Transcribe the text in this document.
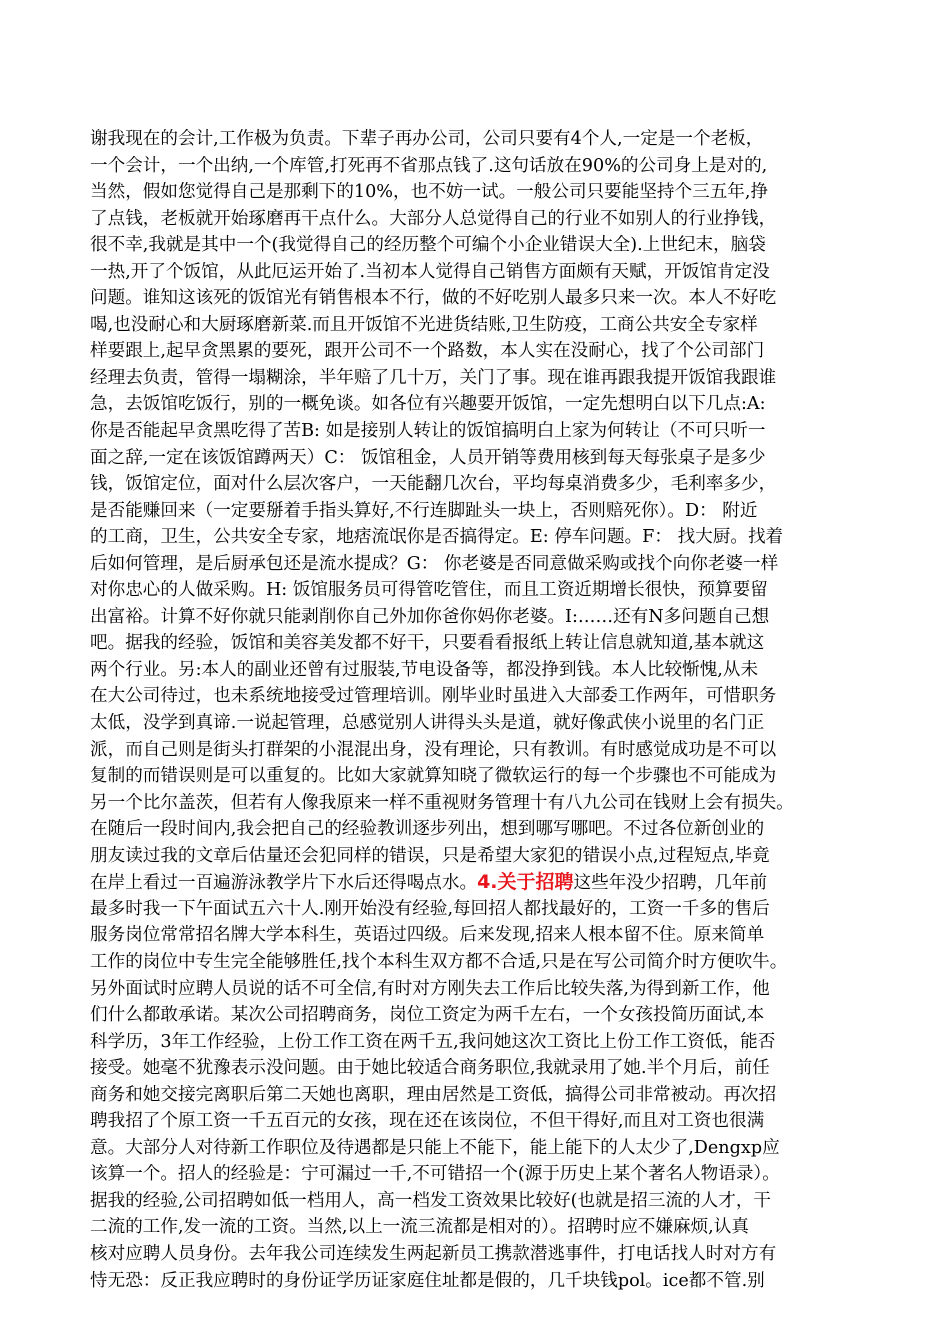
谢我现在的会计,工作极为负责。下辈子再办公司，公司只要有4个人,一定是一个老板，
一个会计，一个出纳,一个库管,打死再不省那点钱了.这句话放在90%的公司身上是对的,
当然，假如您觉得自己是那剩下的10%，也不妨一试。一般公司只要能坚持个三五年,挣
了点钱，老板就开始琢磨再干点什么。大部分人总觉得自己的行业不如别人的行业挣钱，
很不幸,我就是其中一个(我觉得自己的经历整个可编个小企业错误大全).上世纪末，脑袋
一热,开了个饭馆，从此厄运开始了.当初本人觉得自己销售方面颇有天赋，开饭馆肯定没
问题。谁知这该死的饭馆光有销售根本不行，做的不好吃别人最多只来一次。本人不好吃
喝,也没耐心和大厨琢磨新菜.而且开饭馆不光进货结账,卫生防疫，工商公共安全专家样
样要跟上,起早贪黑累的要死，跟开公司不一个路数，本人实在没耐心，找了个公司部门
经理去负责，管得一塌糊涂，半年赔了几十万，关门了事。现在谁再跟我提开饭馆我跟谁
急，去饭馆吃饭行，别的一概免谈。如各位有兴趣要开饭馆，一定先想明白以下几点:A:
你是否能起早贪黑吃得了苦B: 如是接别人转让的饭馆搞明白上家为何转让（不可只听一
面之辞,一定在该饭馆蹲两天）C： 饭馆租金，人员开销等费用核到每天每张桌子是多少
钱，饭馆定位，面对什么层次客户，一天能翻几次台，平均每桌消费多少，毛利率多少，
是否能赚回来（一定要掰着手指头算好,不行连脚趾头一块上，否则赔死你）。D： 附近
的工商，卫生，公共安全专家，地痞流氓你是否搞得定。E: 停车问题。F： 找大厨。找着
后如何管理，是后厨承包还是流水提成？G： 你老婆是否同意做采购或找个向你老婆一样
对你忠心的人做采购。H: 饭馆服务员可得管吃管住，而且工资近期增长很快，预算要留
出富裕。计算不好你就只能剥削你自己外加你爸你妈你老婆。I:……还有N多问题自己想
吧。据我的经验，饭馆和美容美发都不好干，只要看看报纸上转让信息就知道,基本就这
两个行业。另:本人的副业还曾有过服装,节电设备等，都没挣到钱。本人比较惭愧,从未
在大公司待过，也未系统地接受过管理培训。刚毕业时虽进入大部委工作两年，可惜职务
太低，没学到真谛.一说起管理，总感觉别人讲得头头是道，就好像武侠小说里的名门正
派，而自己则是街头打群架的小混混出身，没有理论，只有教训。有时感觉成功是不可以
复制的而错误则是可以重复的。比如大家就算知晓了微软运行的每一个步骤也不可能成为
另一个比尔盖茨，但若有人像我原来一样不重视财务管理十有八九公司在钱财上会有损失。
在随后一段时间内,我会把自己的经验教训逐步列出，想到哪写哪吧。不过各位新创业的
朋友读过我的文章后估量还会犯同样的错误，只是希望大家犯的错误小点,过程短点,毕竟
在岸上看过一百遍游泳教学片下水后还得喝点水。4.关于招聘这些年没少招聘，几年前
最多时我一下午面试五六十人.刚开始没有经验,每回招人都找最好的，工资一千多的售后
服务岗位常常招名牌大学本科生，英语过四级。后来发现,招来人根本留不住。原来简单
工作的岗位中专生完全能够胜任,找个本科生双方都不合适,只是在写公司简介时方便吹牛。
另外面试时应聘人员说的话不可全信,有时对方刚失去工作后比较失落,为得到新工作，他
们什么都敢承诺。某次公司招聘商务，岗位工资定为两千左右，一个女孩投简历面试,本
科学历，3年工作经验，上份工作工资在两千五,我问她这次工资比上份工作工资低，能否
接受。她毫不犹豫表示没问题。由于她比较适合商务职位,我就录用了她.半个月后，前任
商务和她交接完离职后第二天她也离职，理由居然是工资低，搞得公司非常被动。再次招
聘我招了个原工资一千五百元的女孩，现在还在该岗位，不但干得好,而且对工资也很满
意。大部分人对待新工作职位及待遇都是只能上不能下，能上能下的人太少了,Dengxp应
该算一个。招人的经验是：宁可漏过一千,不可错招一个(源于历史上某个著名人物语录）。
据我的经验,公司招聘如低一档用人，高一档发工资效果比较好(也就是招三流的人才，干
二流的工作,发一流的工资。当然,以上一流三流都是相对的）。招聘时应不嫌麻烦,认真
核对应聘人员身份。去年我公司连续发生两起新员工携款潜逃事件，打电话找人时对方有
恃无恐：反正我应聘时的身份证学历证家庭住址都是假的，几千块钱pol。ice都不管.别
